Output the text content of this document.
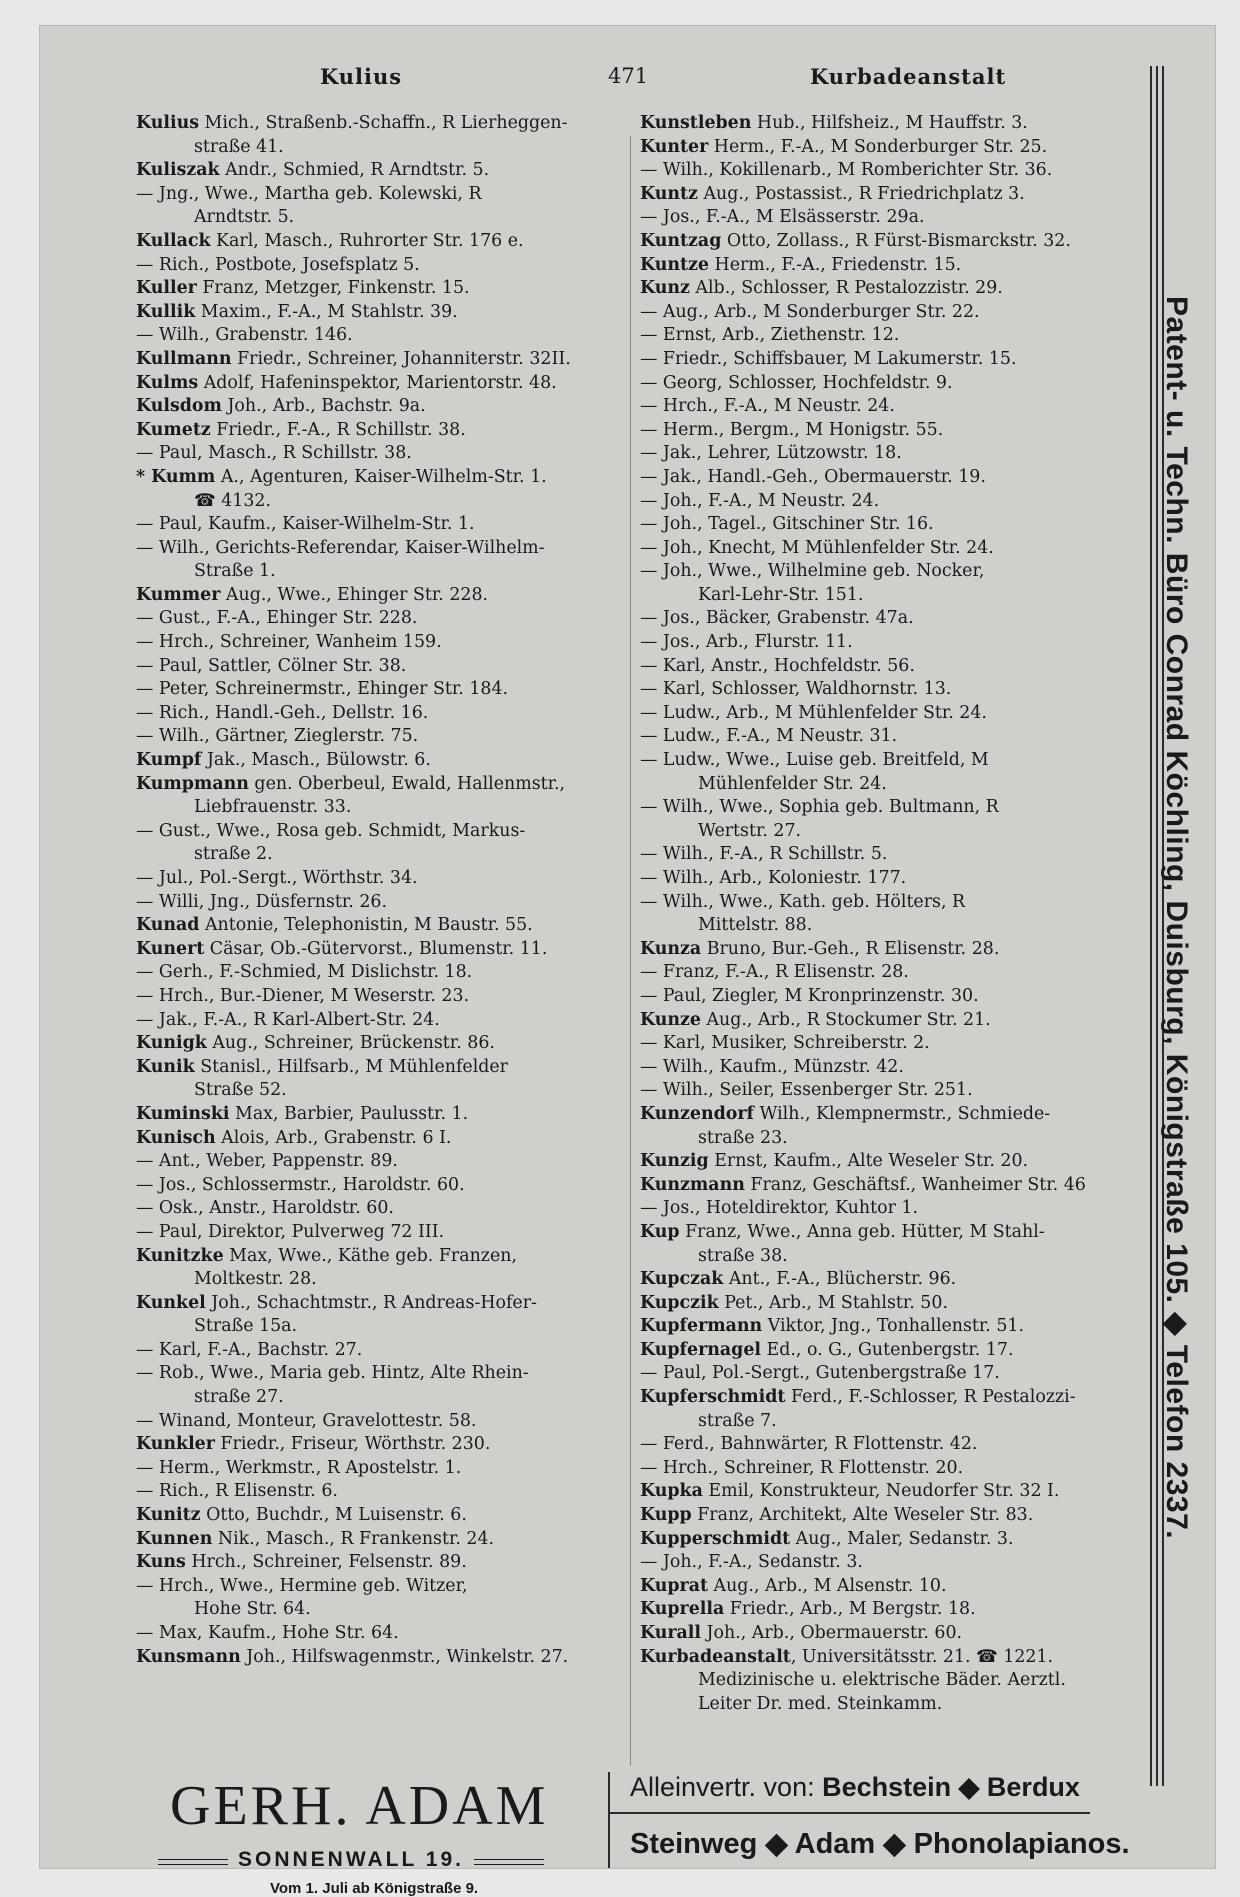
Kulius	471	Kurbadeanstalt
Kulius Mich., Straßenb.-Schaffn., R Lierheggen-
straße 41.
Kuliszak Andr., Schmied, R Arndtstr. 5.
— Jng., Wwe., Martha geb. Kolewski, R
Arndtstr. 5.
Kullack Karl, Masch., Ruhrorter Str. 176 e.
— Rich., Postbote, Josefsplatz 5.
Kuller Franz, Metzger, Finkenstr. 15.
Kullik Maxim., F.-A., M Stahlstr. 39.
— Wilh., Grabenstr. 146.
Kullmann Friedr., Schreiner, Johanniterstr. 32II.
Kulms Adolf, Hafeninspektor, Marientorstr. 48.
Kulsdom Joh., Arb., Bachstr. 9a.
Kumetz Friedr., F.-A., R Schillstr. 38.
— Paul, Masch., R Schillstr. 38.
* Kumm A., Agenturen, Kaiser-Wilhelm-Str. 1.
☎ 4132.
— Paul, Kaufm., Kaiser-Wilhelm-Str. 1.
— Wilh., Gerichts-Referendar, Kaiser-Wilhelm-
Straße 1.
Kummer Aug., Wwe., Ehinger Str. 228.
— Gust., F.-A., Ehinger Str. 228.
— Hrch., Schreiner, Wanheim 159.
— Paul, Sattler, Cölner Str. 38.
— Peter, Schreinermstr., Ehinger Str. 184.
— Rich., Handl.-Geh., Dellstr. 16.
— Wilh., Gärtner, Zieglerstr. 75.
Kumpf Jak., Masch., Bülowstr. 6.
Kumpmann gen. Oberbeul, Ewald, Hallenmstr.,
Liebfrauenstr. 33.
— Gust., Wwe., Rosa geb. Schmidt, Markus-
straße 2.
— Jul., Pol.-Sergt., Wörthstr. 34.
— Willi, Jng., Düsfernstr. 26.
Kunad Antonie, Telephonistin, M Baustr. 55.
Kunert Cäsar, Ob.-Gütervorst., Blumenstr. 11.
— Gerh., F.-Schmied, M Dislichstr. 18.
— Hrch., Bur.-Diener, M Weserstr. 23.
— Jak., F.-A., R Karl-Albert-Str. 24.
Kunigk Aug., Schreiner, Brückenstr. 86.
Kunik Stanisl., Hilfsarb., M Mühlenfelder
Straße 52.
Kuminski Max, Barbier, Paulusstr. 1.
Kunisch Alois, Arb., Grabenstr. 6 I.
— Ant., Weber, Pappenstr. 89.
— Jos., Schlossermstr., Haroldstr. 60.
— Osk., Anstr., Haroldstr. 60.
— Paul, Direktor, Pulverweg 72 III.
Kunitzke Max, Wwe., Käthe geb. Franzen,
Moltkestr. 28.
Kunkel Joh., Schachtmstr., R Andreas-Hofer-
Straße 15a.
— Karl, F.-A., Bachstr. 27.
— Rob., Wwe., Maria geb. Hintz, Alte Rhein-
straße 27.
— Winand, Monteur, Gravelottestr. 58.
Kunkler Friedr., Friseur, Wörthstr. 230.
— Herm., Werkmstr., R Apostelstr. 1.
— Rich., R Elisenstr. 6.
Kunitz Otto, Buchdr., M Luisenstr. 6.
Kunnen Nik., Masch., R Frankenstr. 24.
Kuns Hrch., Schreiner, Felsenstr. 89.
— Hrch., Wwe., Hermine geb. Witzer,
Hohe Str. 64.
— Max, Kaufm., Hohe Str. 64.
Kunsmann Joh., Hilfswagenmstr., Winkelstr. 27.
Kunstleben Hub., Hilfsheiz., M Hauffstr. 3.
Kunter Herm., F.-A., M Sonderburger Str. 25.
— Wilh., Kokillenarb., M Romberichter Str. 36.
Kuntz Aug., Postassist., R Friedrichplatz 3.
— Jos., F.-A., M Elsässerstr. 29a.
Kuntzag Otto, Zollass., R Fürst-Bismarckstr. 32.
Kuntze Herm., F.-A., Friedenstr. 15.
Kunz Alb., Schlosser, R Pestalozzistr. 29.
— Aug., Arb., M Sonderburger Str. 22.
— Ernst, Arb., Ziethenstr. 12.
— Friedr., Schiffsbauer, M Lakumerstr. 15.
— Georg, Schlosser, Hochfeldstr. 9.
— Hrch., F.-A., M Neustr. 24.
— Herm., Bergm., M Honigstr. 55.
— Jak., Lehrer, Lützowstr. 18.
— Jak., Handl.-Geh., Obermauerstr. 19.
— Joh., F.-A., M Neustr. 24.
— Joh., Tagel., Gitschiner Str. 16.
— Joh., Knecht, M Mühlenfelder Str. 24.
— Joh., Wwe., Wilhelmine geb. Nocker,
Karl-Lehr-Str. 151.
— Jos., Bäcker, Grabenstr. 47a.
— Jos., Arb., Flurstr. 11.
— Karl, Anstr., Hochfeldstr. 56.
— Karl, Schlosser, Waldhornstr. 13.
— Ludw., Arb., M Mühlenfelder Str. 24.
— Ludw., F.-A., M Neustr. 31.
— Ludw., Wwe., Luise geb. Breitfeld, M
Mühlenfelder Str. 24.
— Wilh., Wwe., Sophia geb. Bultmann, R
Wertstr. 27.
— Wilh., F.-A., R Schillstr. 5.
— Wilh., Arb., Koloniestr. 177.
— Wilh., Wwe., Kath. geb. Hölters, R
Mittelstr. 88.
Kunza Bruno, Bur.-Geh., R Elisenstr. 28.
— Franz, F.-A., R Elisenstr. 28.
— Paul, Ziegler, M Kronprinzenstr. 30.
Kunze Aug., Arb., R Stockumer Str. 21.
— Karl, Musiker, Schreiberstr. 2.
— Wilh., Kaufm., Münzstr. 42.
— Wilh., Seiler, Essenberger Str. 251.
Kunzendorf Wilh., Klempnermstr., Schmiede-
straße 23.
Kunzig Ernst, Kaufm., Alte Weseler Str. 20.
Kunzmann Franz, Geschäftsf., Wanheimer Str. 46
— Jos., Hoteldirektor, Kuhtor 1.
Kup Franz, Wwe., Anna geb. Hütter, M Stahl-
straße 38.
Kupczak Ant., F.-A., Blücherstr. 96.
Kupczik Pet., Arb., M Stahlstr. 50.
Kupfermann Viktor, Jng., Tonhallenstr. 51.
Kupfernagel Ed., o. G., Gutenbergstr. 17.
— Paul, Pol.-Sergt., Gutenbergstraße 17.
Kupferschmidt Ferd., F.-Schlosser, R Pestalozzi-
straße 7.
— Ferd., Bahnwärter, R Flottenstr. 42.
— Hrch., Schreiner, R Flottenstr. 20.
Kupka Emil, Konstrukteur, Neudorfer Str. 32 I.
Kupp Franz, Architekt, Alte Weseler Str. 83.
Kupperschmidt Aug., Maler, Sedanstr. 3.
— Joh., F.-A., Sedanstr. 3.
Kuprat Aug., Arb., M Alsenstr. 10.
Kuprella Friedr., Arb., M Bergstr. 18.
Kurall Joh., Arb., Obermauerstr. 60.
Kurbadeanstalt, Universitätsstr. 21. ☎ 1221.
Medizinische u. elektrische Bäder. Aerztl.
Leiter Dr. med. Steinkamm.
Patent- u. Techn. Büro Conrad Köchling, Duisburg, Königstraße 105. ◆ Telefon 2337.
GERH. ADAM
SONNENWALL 19.
Vom 1. Juli ab Königstraße 9.
Alleinvertr. von: Bechstein ◆ Berdux
Steinweg ◆ Adam ◆ Phonolapianos.
